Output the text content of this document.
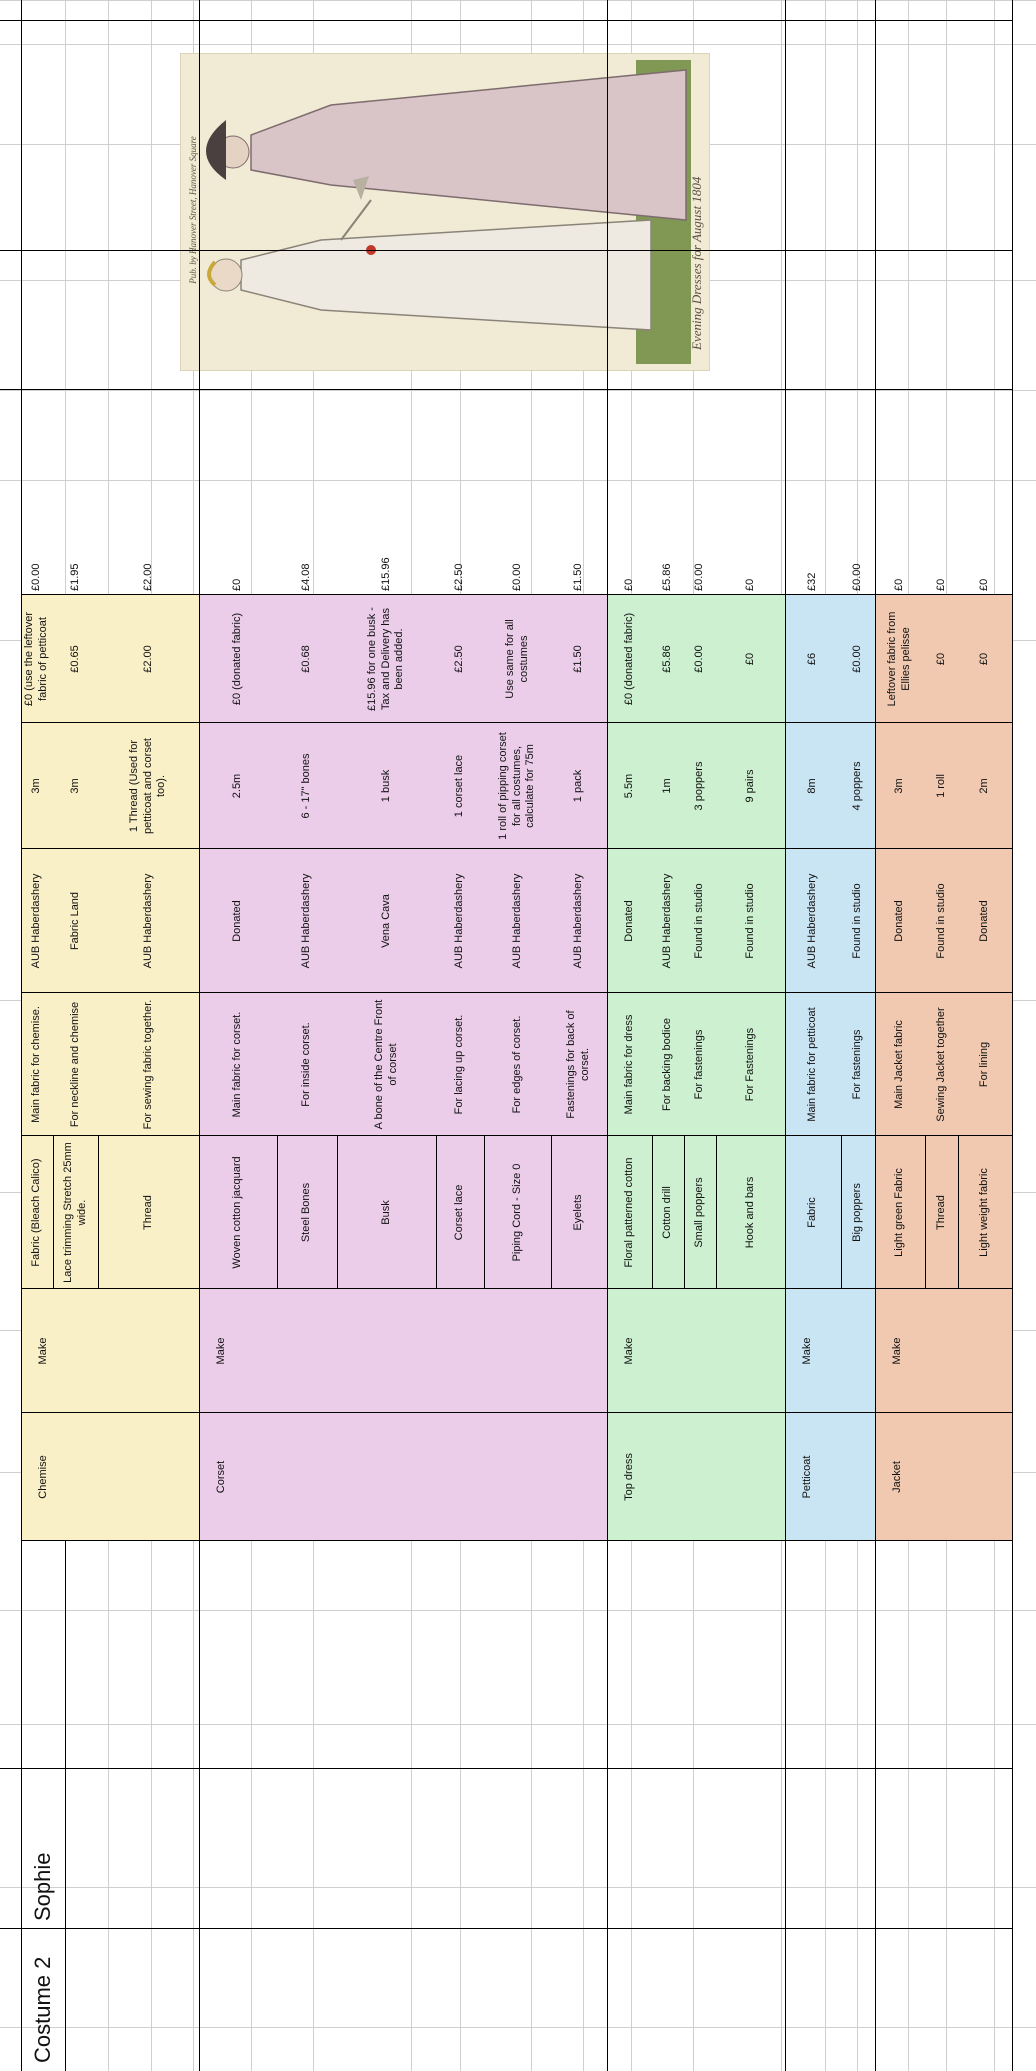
Costume 2
Sophie
Evening Dresses for August 1804
Pub. by Hanover Street, Hanover Square
Chemise
Make
Fabric (Bleach Calico)
Main fabric for chemise.
AUB Haberdashery
3m
£0 (use the leftover fabric of petticoat
£0.00
Lace trimming Stretch 25mm wide.
For neckline and chemise
Fabric Land
3m
£0.65
£1.95
Thread
For sewing fabric together.
AUB Haberdashery
1 Thread (Used for petticoat and corset too).
£2.00
£2.00
Corset
Make
Woven cotton jacquard
Main fabric for corset.
Donated
2.5m
£0 (donated fabric)
£0
Steel Bones
For inside corset.
AUB Haberdashery
6 - 17" bones
£0.68
£4.08
Busk
A bone of the Centre Front of corset
Vena Cava
1 busk
£15.96 for one busk - Tax and Delivery has been added.
£15.96
Corset lace
For lacing up corset.
AUB Haberdashery
1 corset lace
£2.50
£2.50
Piping Cord - Size 0
For edges of corset.
AUB Haberdashery
1 roll of pipping corset for all costumes, calculate for 75m
Use same for all costumes
£0.00
Eyelets
Fastenings for back of corset.
AUB Haberdashery
1 pack
£1.50
£1.50
Top dress
Make
Floral patterned cotton
Main fabric for dress
Donated
5.5m
£0 (donated fabric)
£0
Cotton drill
For backing bodice
AUB Haberdashery
1m
£5.86
£5.86
Small poppers
For fastenings
Found in studio
3 poppers
£0.00
£0.00
Hook and bars
For Fastenings
Found in studio
9 pairs
£0
£0
Petticoat
Make
Fabric
Main fabric for petticoat
AUB Haberdashery
8m
£6
£32
Big poppers
For fastenings
Found in studio
4 poppers
£0.00
£0.00
Jacket
Make
Light green Fabric
Main Jacket fabric
Donated
3m
Leftover fabric from Ellies pelisse
£0
Thread
Sewing Jacket together
Found in studio
1 roll
£0
£0
Light weight fabric
For lining
Donated
2m
£0
£0
